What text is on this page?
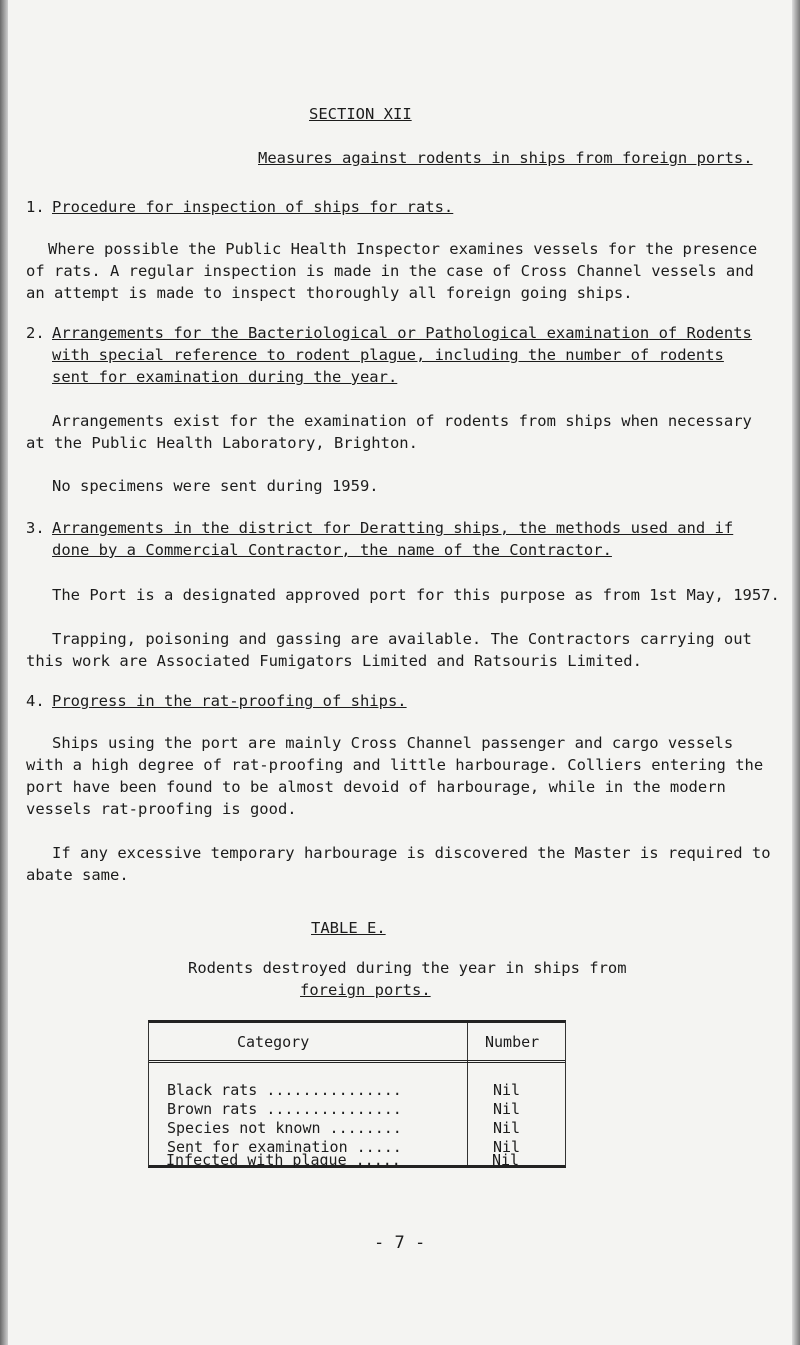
SECTION XII
Measures against rodents in ships from foreign ports.
1. Procedure for inspection of ships for rats.
Where possible the Public Health Inspector examines vessels for the presence
of rats. A regular inspection is made in the case of Cross Channel vessels and
an attempt is made to inspect thoroughly all foreign going ships.
2. Arrangements for the Bacteriological or Pathological examination of Rodents
with special reference to rodent plague, including the number of rodents
sent for examination during the year.
Arrangements exist for the examination of rodents from ships when necessary
at the Public Health Laboratory, Brighton.
No specimens were sent during 1959.
3. Arrangements in the district for Deratting ships, the methods used and if
done by a Commercial Contractor, the name of the Contractor.
The Port is a designated approved port for this purpose as from 1st May, 1957.
Trapping, poisoning and gassing are available. The Contractors carrying out
this work are Associated Fumigators Limited and Ratsouris Limited.
4. Progress in the rat-proofing of ships.
Ships using the port are mainly Cross Channel passenger and cargo vessels
with a high degree of rat-proofing and little harbourage. Colliers entering the
port have been found to be almost devoid of harbourage, while in the modern
vessels rat-proofing is good.
If any excessive temporary harbourage is discovered the Master is required to
abate same.
TABLE E.
Rodents destroyed during the year in ships from
foreign ports.
Category	Number
Black rats ...............	Nil
Brown rats ...............	Nil
Species not known ........	Nil
Sent for examination .....	Nil
Infected with plague .....	Nil
- 7 -
